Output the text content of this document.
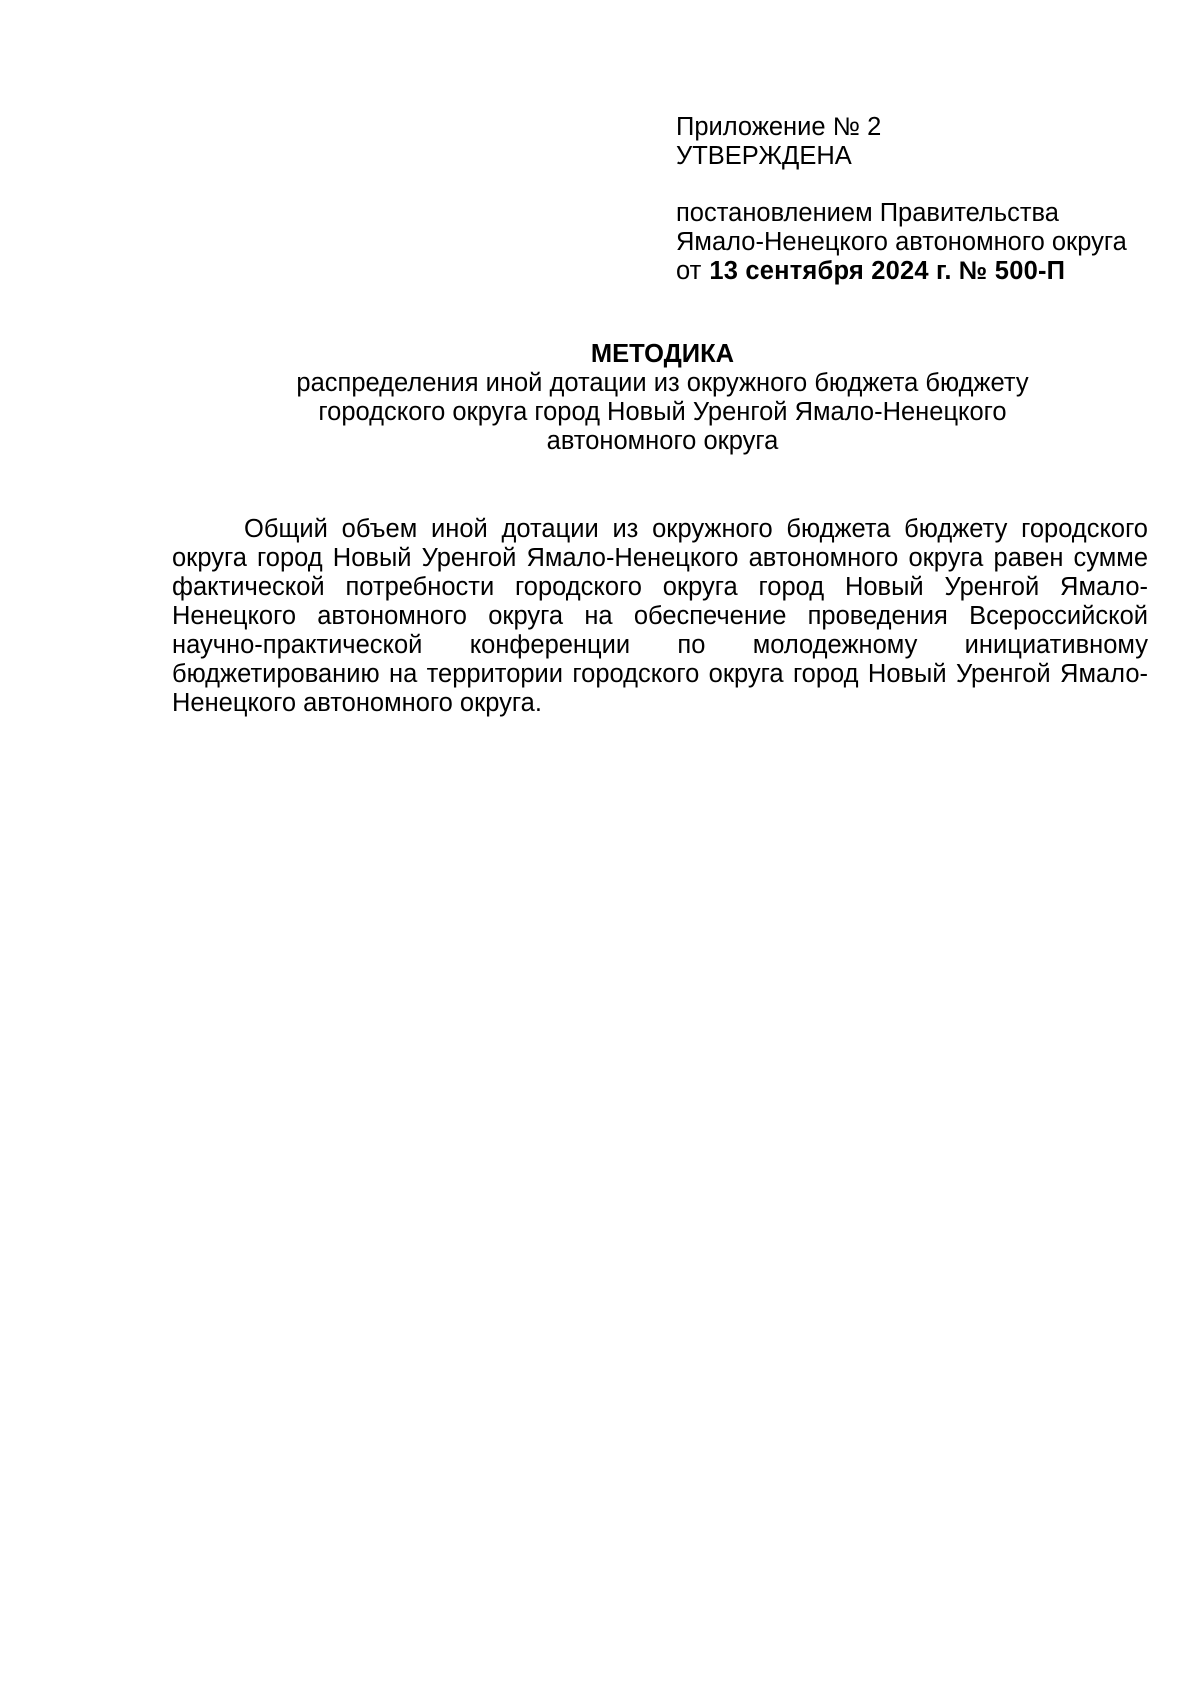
Приложение № 2
УТВЕРЖДЕНА
постановлением Правительства
Ямало-Ненецкого автономного округа
от 13 сентября 2024 г. № 500-П
МЕТОДИКА
распределения иной дотации из окружного бюджета бюджету
городского округа город Новый Уренгой Ямало-Ненецкого
автономного округа

Общий объем иной дотации из окружного бюджета бюджету городского округа город Новый Уренгой Ямало-Ненецкого автономного округа равен сумме фактической потребности городского округа город Новый Уренгой Ямало-Ненецкого автономного округа на обеспечение проведения Всероссийской научно-практической конференции по молодежному инициативному бюджетированию на территории городского округа город Новый Уренгой Ямало-Ненецкого автономного округа.
